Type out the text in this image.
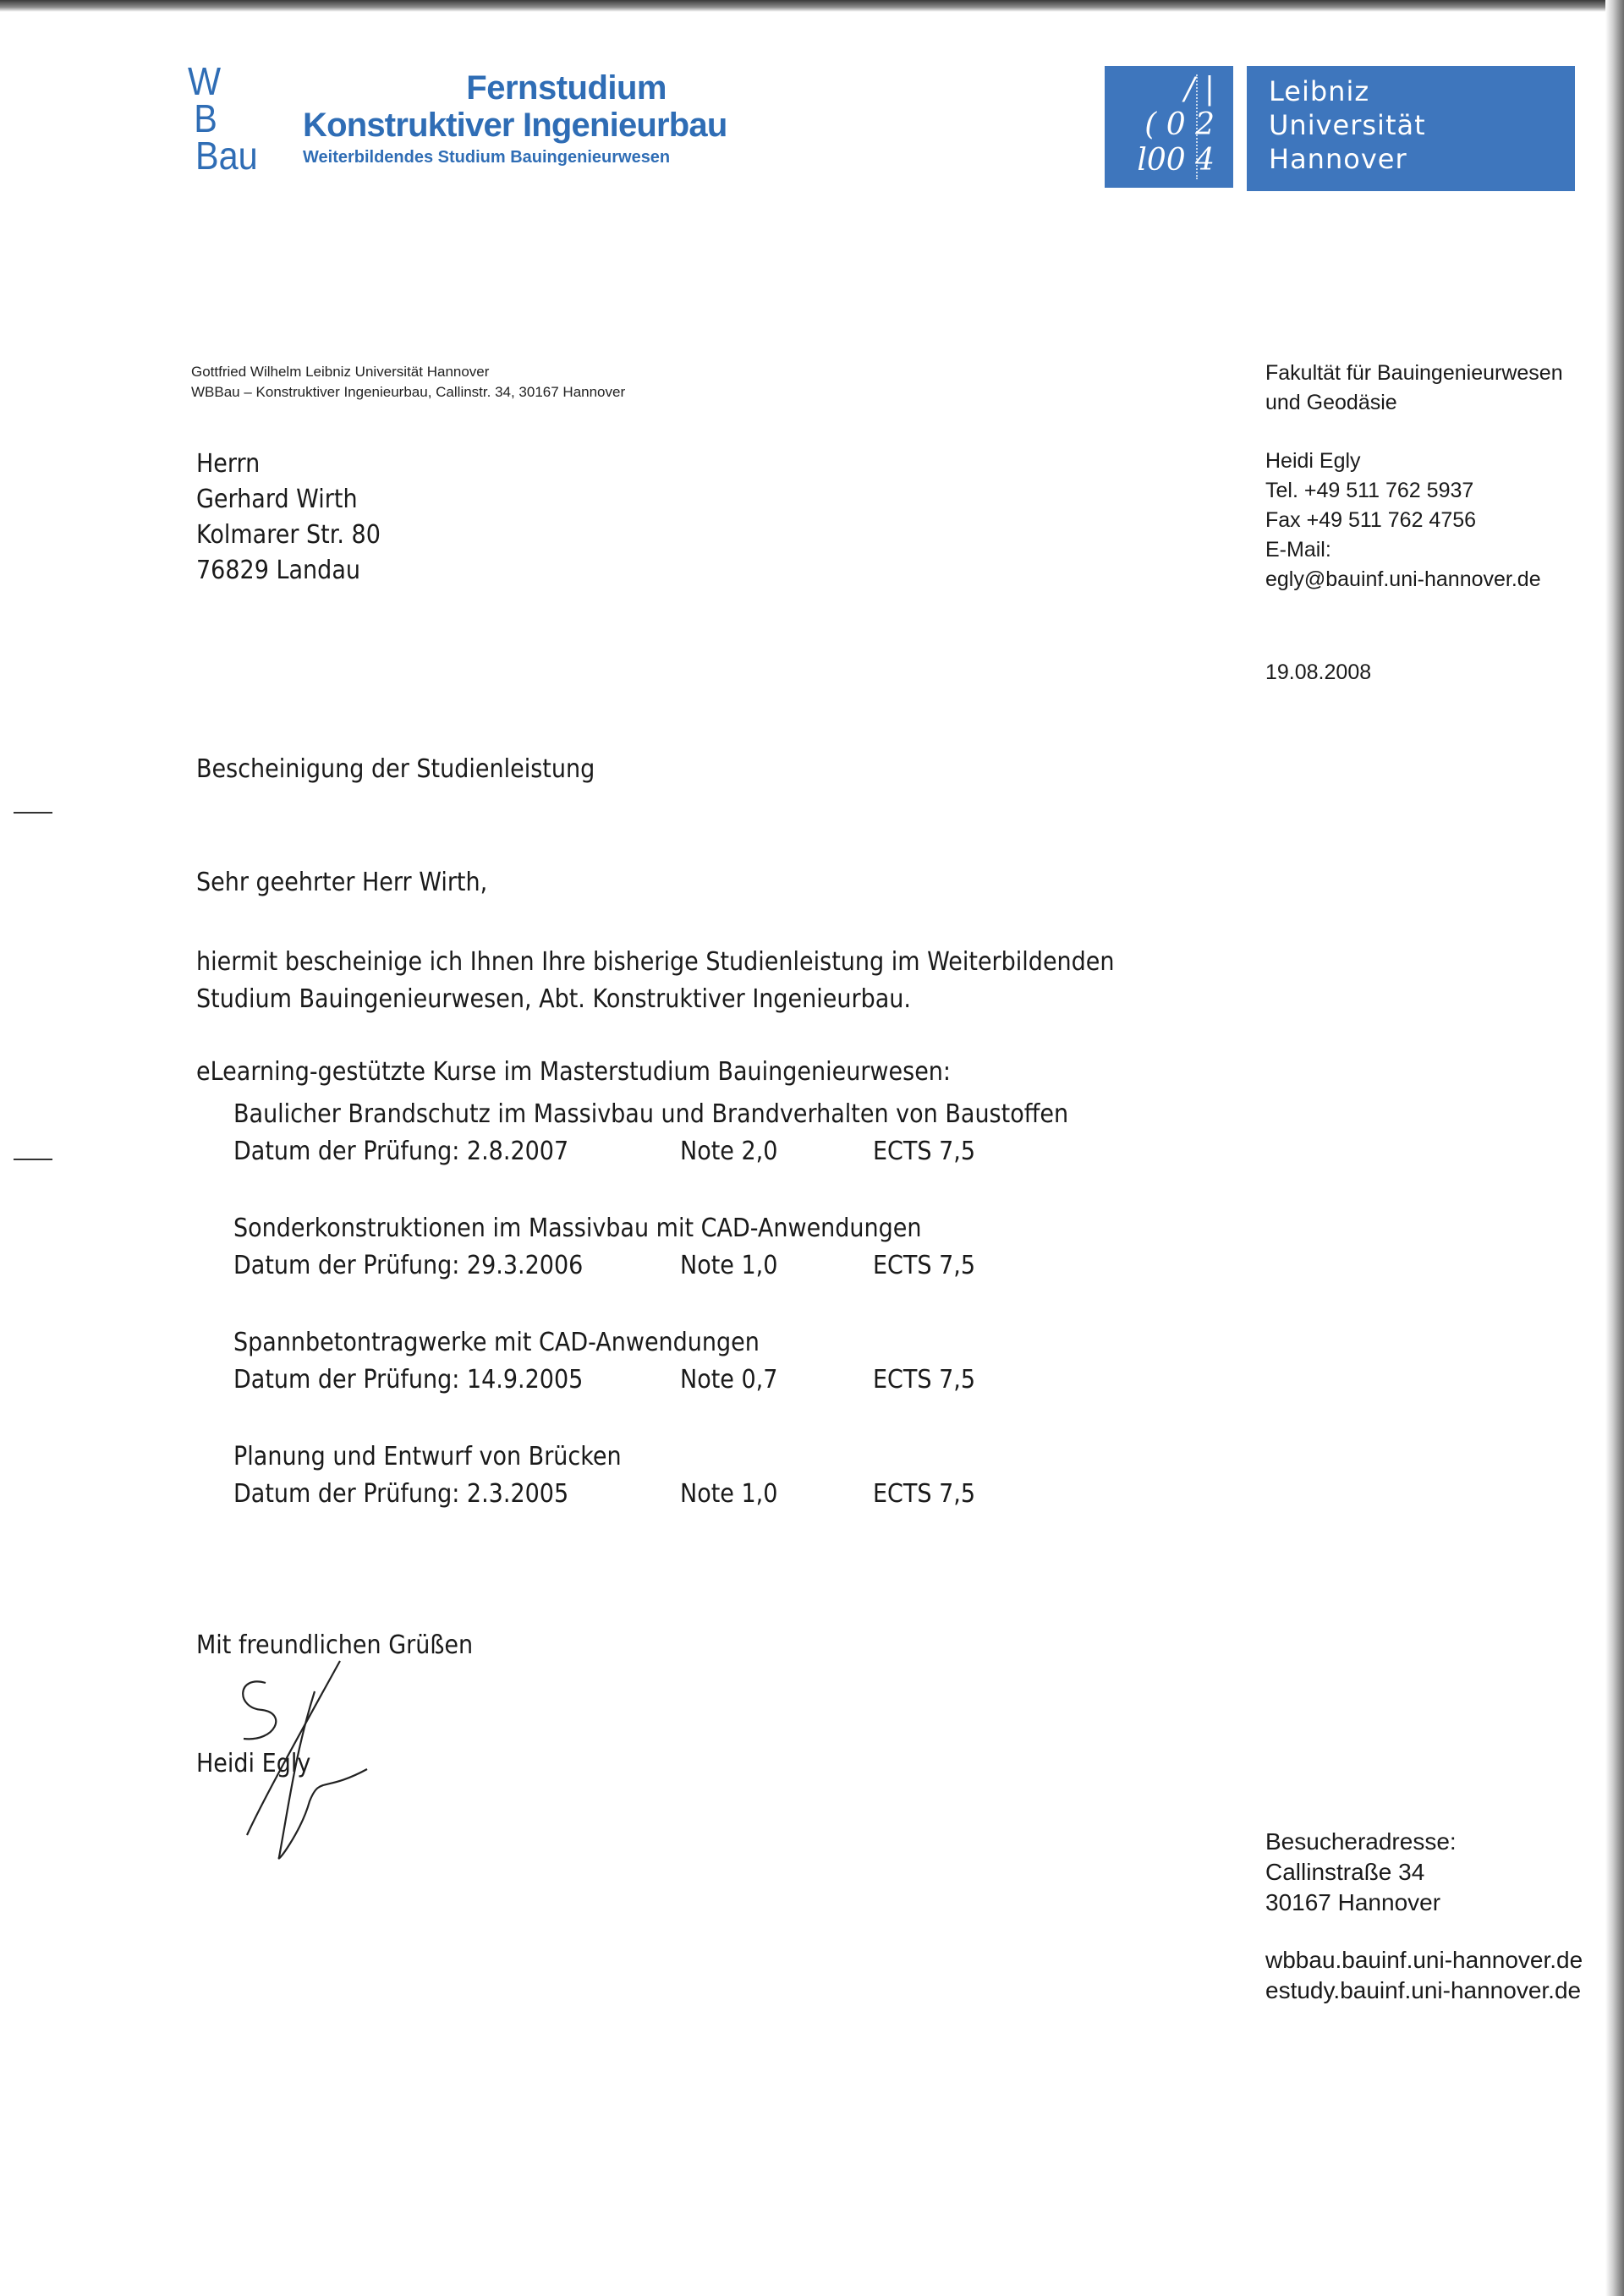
W
B
Bau
Fernstudium
Konstruktiver Ingenieurbau
Weiterbildendes Studium Bauingenieurwesen
/ |
( 0 2
l00 4
Leibniz
Universität
Hannover
Gottfried Wilhelm Leibniz Universität Hannover
WBBau – Konstruktiver Ingenieurbau, Callinstr. 34, 30167 Hannover
Fakultät für Bauingenieurwesen
und Geodäsie
Heidi Egly
Tel. +49 511 762 5937
Fax +49 511 762 4756
E-Mail:
egly@bauinf.uni-hannover.de
19.08.2008
Herrn
Gerhard Wirth
Kolmarer Str. 80
76829 Landau
Bescheinigung der Studienleistung
Sehr geehrter Herr Wirth,
hiermit bescheinige ich Ihnen Ihre bisherige Studienleistung im Weiterbildenden
Studium Bauingenieurwesen, Abt. Konstruktiver Ingenieurbau.
eLearning-gestützte Kurse im Masterstudium Bauingenieurwesen:
Baulicher Brandschutz im Massivbau und Brandverhalten von Baustoffen
Datum der Prüfung: 2.8.2007	Note 2,0	ECTS 7,5
Sonderkonstruktionen im Massivbau mit CAD-Anwendungen
Datum der Prüfung: 29.3.2006	Note 1,0	ECTS 7,5
Spannbetontragwerke mit CAD-Anwendungen
Datum der Prüfung: 14.9.2005	Note 0,7	ECTS 7,5
Planung und Entwurf von Brücken
Datum der Prüfung: 2.3.2005	Note 1,0	ECTS 7,5
Mit freundlichen Grüßen
Heidi Egly
Besucheradresse:
Callinstraße 34
30167 Hannover
wbbau.bauinf.uni-hannover.de
estudy.bauinf.uni-hannover.de
